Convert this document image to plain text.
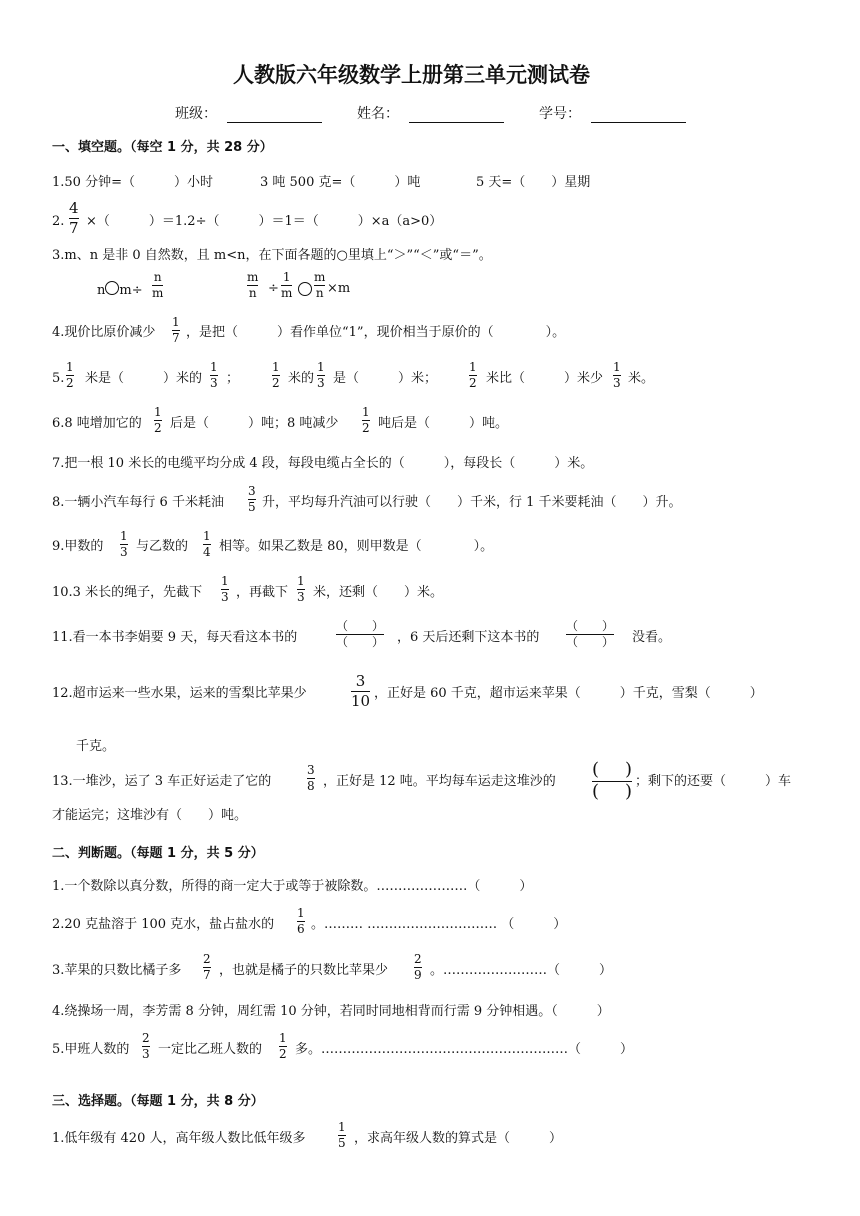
人教版六年级数学上册第三单元测试卷
班级：	姓名：	学号：
一、填空题。（每空 1 分，共 28 分）
1.50 分钟=（　　　）小时	3 吨 500 克=（　　　）吨	5 天=（　　）星期
2.
4
7 ×（　　　）＝1.2÷（　　　）＝1＝（　　　）×a（a>0）
3.m、n 是非 0 自然数，且 m<n，在下面各题的○里填上“＞”“＜”或“＝”。
n m÷
n
m
m
n ÷
1
m
m
n ×m
4.现价比原价减少
1
7 ，是把（　　　）看作单位“1”，现价相当于原价的（　　　　）。
5.
1
2 米是（　　　）米的
1
3 ；
1
2 米的
1
3 是（　　　）米；
1
2 米比（　　　）米少
1
3 米。
6.8 吨增加它的
1
2 后是（　　　）吨；8 吨减少
1
2 吨后是（　　　）吨。
7.把一根 10 米长的电缆平均分成 4 段，每段电缆占全长的（　　　），每段长（　　　）米。
8.一辆小汽车每行 6 千米耗油
3
5 升，平均每升汽油可以行驶（　　）千米，行 1 千米要耗油（　　）升。
9.甲数的
1
3 与乙数的
1
4 相等。如果乙数是 80，则甲数是（　　　　）。
10.3 米长的绳子，先截下
1
3 ，再截下
1
3 米，还剩（　　）米。
11.看一本书李娟要 9 天，每天看这本书的
（　　）
（　　） ，6 天后还剩下这本书的
（　　）
（　　） 没看。
12.超市运来一些水果，运来的雪梨比苹果少
3
10 ，正好是 60 千克，超市运来苹果（　　　）千克，雪梨（　　　）
千克。
13.一堆沙，运了 3 车正好运走了它的
3
8 ，正好是 12 吨。平均每车运走这堆沙的
( )
( ) ；剩下的还要（　　　）车
才能运完；这堆沙有（　　）吨。
二、判断题。（每题 1 分，共 5 分）
1.一个数除以真分数，所得的商一定大于或等于被除数。…………………（　　　）
2.20 克盐溶于 100 克水，盐占盐水的
1
6 。……… ………………………… （　　　）
3.苹果的只数比橘子多
2
7 ，也就是橘子的只数比苹果少
2
9 。……………………（　　　）
4.绕操场一周，李芳需 8 分钟，周红需 10 分钟，若同时同地相背而行需 9 分钟相遇。（　　　）
5.甲班人数的
2
3 一定比乙班人数的
1
2 多。…………………………………………………（　　　）
三、选择题。（每题 1 分，共 8 分）
1.低年级有 420 人，高年级人数比低年级多
1
5 ，求高年级人数的算式是（　　　）
